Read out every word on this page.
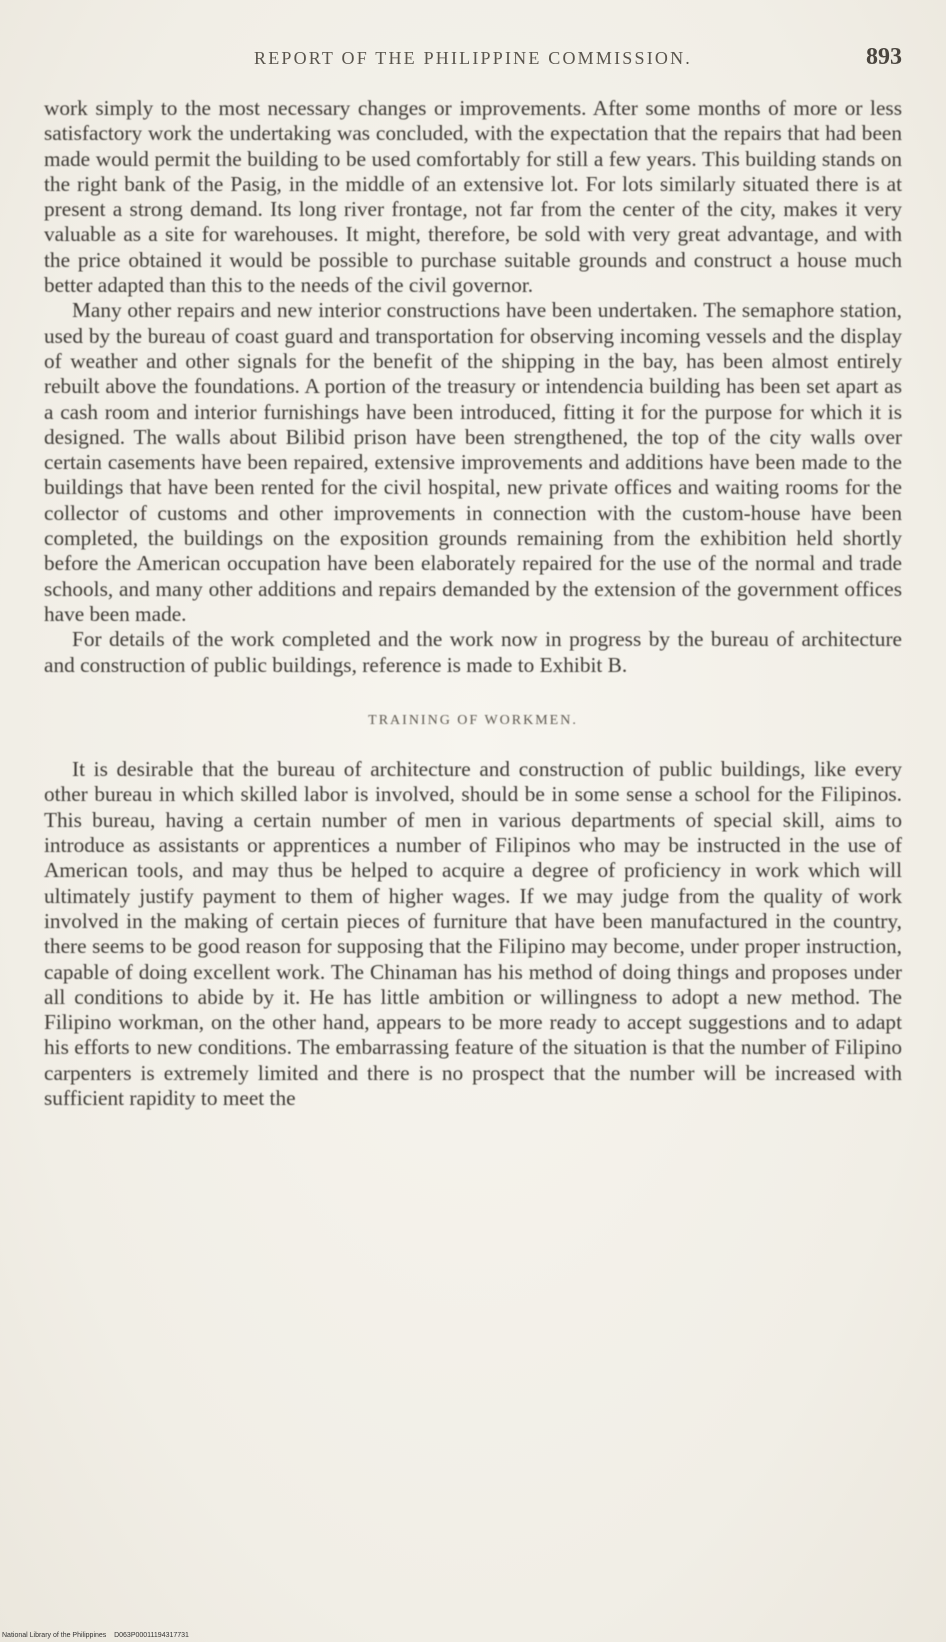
REPORT OF THE PHILIPPINE COMMISSION.	893

work simply to the most necessary changes or improvements. After some months of more or less satisfactory work the undertaking was concluded, with the expectation that the repairs that had been made would permit the building to be used comfortably for still a few years. This building stands on the right bank of the Pasig, in the middle of an extensive lot. For lots similarly situated there is at present a strong demand. Its long river frontage, not far from the center of the city, makes it very valuable as a site for warehouses. It might, therefore, be sold with very great advantage, and with the price obtained it would be possible to purchase suitable grounds and construct a house much better adapted than this to the needs of the civil governor.

Many other repairs and new interior constructions have been undertaken. The semaphore station, used by the bureau of coast guard and transportation for observing incoming vessels and the display of weather and other signals for the benefit of the shipping in the bay, has been almost entirely rebuilt above the foundations. A portion of the treasury or intendencia building has been set apart as a cash room and interior furnishings have been introduced, fitting it for the purpose for which it is designed. The walls about Bilibid prison have been strengthened, the top of the city walls over certain casements have been repaired, extensive improvements and additions have been made to the buildings that have been rented for the civil hospital, new private offices and waiting rooms for the collector of customs and other improvements in connection with the custom-house have been completed, the buildings on the exposition grounds remaining from the exhibition held shortly before the American occupation have been elaborately repaired for the use of the normal and trade schools, and many other additions and repairs demanded by the extension of the government offices have been made.

For details of the work completed and the work now in progress by the bureau of architecture and construction of public buildings, reference is made to Exhibit B.

TRAINING OF WORKMEN.

It is desirable that the bureau of architecture and construction of public buildings, like every other bureau in which skilled labor is involved, should be in some sense a school for the Filipinos. This bureau, having a certain number of men in various departments of special skill, aims to introduce as assistants or apprentices a number of Filipinos who may be instructed in the use of American tools, and may thus be helped to acquire a degree of proficiency in work which will ultimately justify payment to them of higher wages. If we may judge from the quality of work involved in the making of certain pieces of furniture that have been manufactured in the country, there seems to be good reason for supposing that the Filipino may become, under proper instruction, capable of doing excellent work. The Chinaman has his method of doing things and proposes under all conditions to abide by it. He has little ambition or willingness to adopt a new method. The Filipino workman, on the other hand, appears to be more ready to accept suggestions and to adapt his efforts to new conditions. The embarrassing feature of the situation is that the number of Filipino carpenters is extremely limited and there is no prospect that the number will be increased with sufficient rapidity to meet the

National Library of the Philippines D063P00011194317731
